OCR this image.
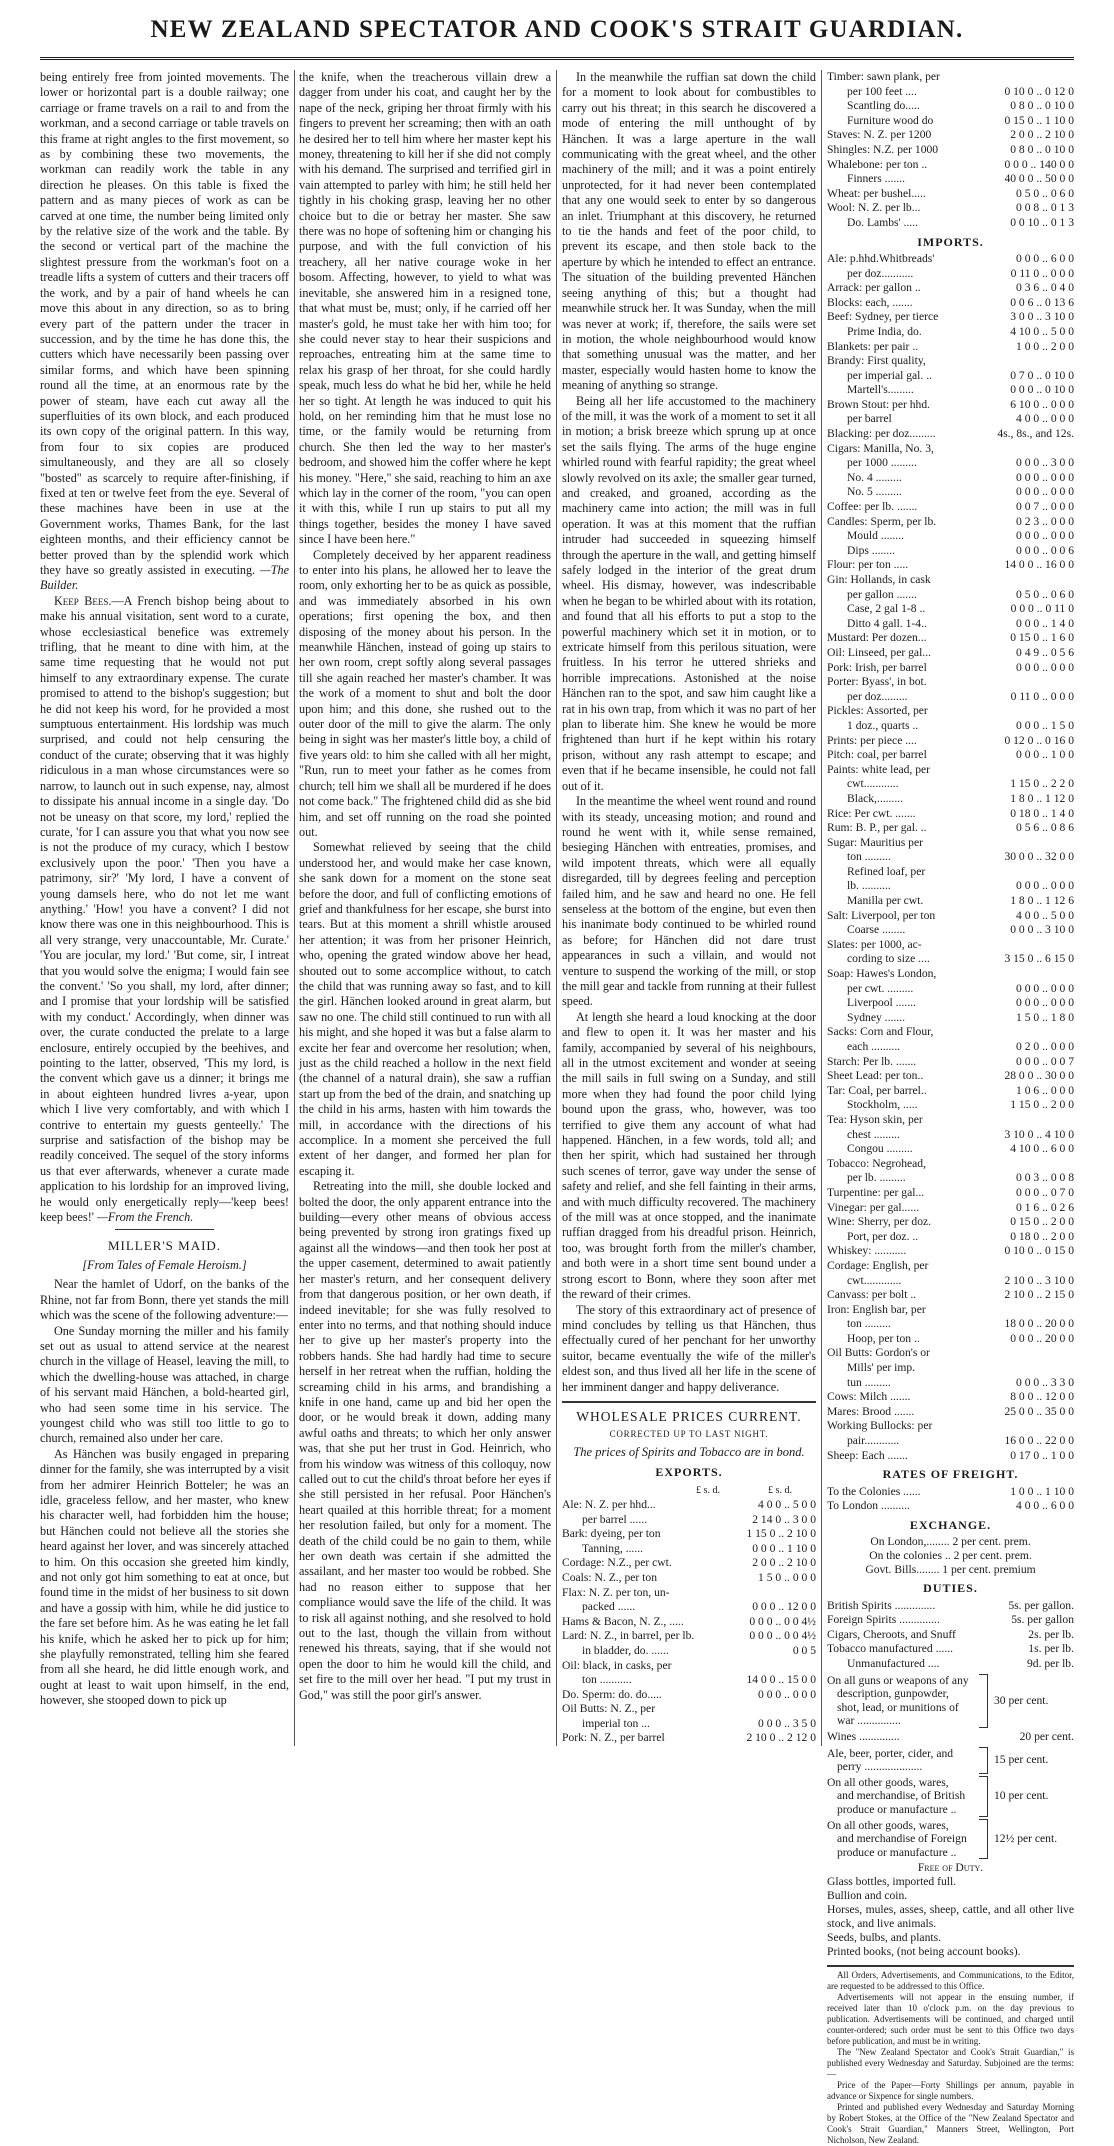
NEW ZEALAND SPECTATOR AND COOK'S STRAIT GUARDIAN.

being entirely free from jointed movements. The lower or horizontal part is a double railway; one carriage or frame travels on a rail to and from the workman, and a second carriage or table travels on this frame at right angles to the first movement, so as by combining these two movements, the workman can readily work the table in any direction he pleases. On this table is fixed the pattern and as many pieces of work as can be carved at one time, the number being limited only by the relative size of the work and the table. By the second or vertical part of the machine the slightest pressure from the workman's foot on a treadle lifts a system of cutters and their tracers off the work, and by a pair of hand wheels he can move this about in any direction, so as to bring every part of the pattern under the tracer in succession, and by the time he has done this, the cutters which have necessarily been passing over similar forms, and which have been spinning round all the time, at an enormous rate by the power of steam, have each cut away all the superfluities of its own block, and each produced its own copy of the original pattern. In this way, from four to six copies are produced simultaneously, and they are all so closely "bosted" as scarcely to require after-finishing, if fixed at ten or twelve feet from the eye. Several of these machines have been in use at the Government works, Thames Bank, for the last eighteen months, and their efficiency cannot be better proved than by the splendid work which they have so greatly assisted in executing. —The Builder.

Keep Bees.—A French bishop being about to make his annual visitation, sent word to a curate, whose ecclesiastical benefice was extremely trifling, that he meant to dine with him, at the same time requesting that he would not put himself to any extraordinary expense. The curate promised to attend to the bishop's suggestion; but he did not keep his word, for he provided a most sumptuous entertainment. His lordship was much surprised, and could not help censuring the conduct of the curate; observing that it was highly ridiculous in a man whose circumstances were so narrow, to launch out in such expense, nay, almost to dissipate his annual income in a single day. 'Do not be uneasy on that score, my lord,' replied the curate, 'for I can assure you that what you now see is not the produce of my curacy, which I bestow exclusively upon the poor.' 'Then you have a patrimony, sir?' 'My lord, I have a convent of young damsels here, who do not let me want anything.' 'How! you have a convent? I did not know there was one in this neighbourhood. This is all very strange, very unaccountable, Mr. Curate.' 'You are jocular, my lord.' 'But come, sir, I intreat that you would solve the enigma; I would fain see the convent.' 'So you shall, my lord, after dinner; and I promise that your lordship will be satisfied with my conduct.' Accordingly, when dinner was over, the curate conducted the prelate to a large enclosure, entirely occupied by the beehives, and pointing to the latter, observed, 'This my lord, is the convent which gave us a dinner; it brings me in about eighteen hundred livres a-year, upon which I live very comfortably, and with which I contrive to entertain my guests genteelly.' The surprise and satisfaction of the bishop may be readily conceived. The sequel of the story informs us that ever afterwards, whenever a curate made application to his lordship for an improved living, he would only energetically reply—'keep bees! keep bees!' —From the French.

MILLER'S MAID.
[From Tales of Female Heroism.]

Near the hamlet of Udorf, on the banks of the Rhine, not far from Bonn, there yet stands the mill which was the scene of the following adventure:—

One Sunday morning the miller and his family set out as usual to attend service at the nearest church in the village of Heasel, leaving the mill, to which the dwelling-house was attached, in charge of his servant maid Hänchen, a bold-hearted girl, who had seen some time in his service. The youngest child who was still too little to go to church, remained also under her care.

As Hänchen was busily engaged in preparing dinner for the family, she was interrupted by a visit from her admirer Heinrich Botteler; he was an idle, graceless fellow, and her master, who knew his character well, had forbidden him the house; but Hänchen could not believe all the stories she heard against her lover, and was sincerely attached to him. On this occasion she greeted him kindly, and not only got him something to eat at once, but found time in the midst of her business to sit down and have a gossip with him, while he did justice to the fare set before him. As he was eating he let fall his knife, which he asked her to pick up for him; she playfully remonstrated, telling him she feared from all she heard, he did little enough work, and ought at least to wait upon himself, in the end, however, she stooped down to pick up

the knife, when the treacherous villain drew a dagger from under his coat, and caught her by the nape of the neck, griping her throat firmly with his fingers to prevent her screaming; then with an oath he desired her to tell him where her master kept his money, threatening to kill her if she did not comply with his demand. The surprised and terrified girl in vain attempted to parley with him; he still held her tightly in his choking grasp, leaving her no other choice but to die or betray her master. She saw there was no hope of softening him or changing his purpose, and with the full conviction of his treachery, all her native courage woke in her bosom. Affecting, however, to yield to what was inevitable, she answered him in a resigned tone, that what must be, must; only, if he carried off her master's gold, he must take her with him too; for she could never stay to hear their suspicions and reproaches, entreating him at the same time to relax his grasp of her throat, for she could hardly speak, much less do what he bid her, while he held her so tight. At length he was induced to quit his hold, on her reminding him that he must lose no time, or the family would be returning from church. She then led the way to her master's bedroom, and showed him the coffer where he kept his money. "Here," she said, reaching to him an axe which lay in the corner of the room, "you can open it with this, while I run up stairs to put all my things together, besides the money I have saved since I have been here."

Completely deceived by her apparent readiness to enter into his plans, he allowed her to leave the room, only exhorting her to be as quick as possible, and was immediately absorbed in his own operations; first opening the box, and then disposing of the money about his person. In the meanwhile Hänchen, instead of going up stairs to her own room, crept softly along several passages till she again reached her master's chamber. It was the work of a moment to shut and bolt the door upon him; and this done, she rushed out to the outer door of the mill to give the alarm. The only being in sight was her master's little boy, a child of five years old: to him she called with all her might, "Run, run to meet your father as he comes from church; tell him we shall all be murdered if he does not come back." The frightened child did as she bid him, and set off running on the road she pointed out.

Somewhat relieved by seeing that the child understood her, and would make her case known, she sank down for a moment on the stone seat before the door, and full of conflicting emotions of grief and thankfulness for her escape, she burst into tears. But at this moment a shrill whistle aroused her attention; it was from her prisoner Heinrich, who, opening the grated window above her head, shouted out to some accomplice without, to catch the child that was running away so fast, and to kill the girl. Hänchen looked around in great alarm, but saw no one. The child still continued to run with all his might, and she hoped it was but a false alarm to excite her fear and overcome her resolution; when, just as the child reached a hollow in the next field (the channel of a natural drain), she saw a ruffian start up from the bed of the drain, and snatching up the child in his arms, hasten with him towards the mill, in accordance with the directions of his accomplice. In a moment she perceived the full extent of her danger, and formed her plan for escaping it.

Retreating into the mill, she double locked and bolted the door, the only apparent entrance into the building—every other means of obvious access being prevented by strong iron gratings fixed up against all the windows—and then took her post at the upper casement, determined to await patiently her master's return, and her consequent delivery from that dangerous position, or her own death, if indeed inevitable; for she was fully resolved to enter into no terms, and that nothing should induce her to give up her master's property into the robbers hands. She had hardly had time to secure herself in her retreat when the ruffian, holding the screaming child in his arms, and brandishing a knife in one hand, came up and bid her open the door, or he would break it down, adding many awful oaths and threats; to which her only answer was, that she put her trust in God. Heinrich, who from his window was witness of this colloquy, now called out to cut the child's throat before her eyes if she still persisted in her refusal. Poor Hänchen's heart quailed at this horrible threat; for a moment her resolution failed, but only for a moment. The death of the child could be no gain to them, while her own death was certain if she admitted the assailant, and her master too would be robbed. She had no reason either to suppose that her compliance would save the life of the child. It was to risk all against nothing, and she resolved to hold out to the last, though the villain from without renewed his threats, saying, that if she would not open the door to him he would kill the child, and set fire to the mill over her head. "I put my trust in God," was still the poor girl's answer.

In the meanwhile the ruffian sat down the child for a moment to look about for combustibles to carry out his threat; in this search he discovered a mode of entering the mill unthought of by Hänchen. It was a large aperture in the wall communicating with the great wheel, and the other machinery of the mill; and it was a point entirely unprotected, for it had never been contemplated that any one would seek to enter by so dangerous an inlet. Triumphant at this discovery, he returned to tie the hands and feet of the poor child, to prevent its escape, and then stole back to the aperture by which he intended to effect an entrance. The situation of the building prevented Hänchen seeing anything of this; but a thought had meanwhile struck her. It was Sunday, when the mill was never at work; if, therefore, the sails were set in motion, the whole neighbourhood would know that something unusual was the matter, and her master, especially would hasten home to know the meaning of anything so strange.

Being all her life accustomed to the machinery of the mill, it was the work of a moment to set it all in motion; a brisk breeze which sprung up at once set the sails flying. The arms of the huge engine whirled round with fearful rapidity; the great wheel slowly revolved on its axle; the smaller gear turned, and creaked, and groaned, according as the machinery came into action; the mill was in full operation. It was at this moment that the ruffian intruder had succeeded in squeezing himself through the aperture in the wall, and getting himself safely lodged in the interior of the great drum wheel. His dismay, however, was indescribable when he began to be whirled about with its rotation, and found that all his efforts to put a stop to the powerful machinery which set it in motion, or to extricate himself from this perilous situation, were fruitless. In his terror he uttered shrieks and horrible imprecations. Astonished at the noise Hänchen ran to the spot, and saw him caught like a rat in his own trap, from which it was no part of her plan to liberate him. She knew he would be more frightened than hurt if he kept within his rotary prison, without any rash attempt to escape; and even that if he became insensible, he could not fall out of it.

In the meantime the wheel went round and round with its steady, unceasing motion; and round and round he went with it, while sense remained, besieging Hänchen with entreaties, promises, and wild impotent threats, which were all equally disregarded, till by degrees feeling and perception failed him, and he saw and heard no one. He fell senseless at the bottom of the engine, but even then his inanimate body continued to be whirled round as before; for Hänchen did not dare trust appearances in such a villain, and would not venture to suspend the working of the mill, or stop the mill gear and tackle from running at their fullest speed.

At length she heard a loud knocking at the door and flew to open it. It was her master and his family, accompanied by several of his neighbours, all in the utmost excitement and wonder at seeing the mill sails in full swing on a Sunday, and still more when they had found the poor child lying bound upon the grass, who, however, was too terrified to give them any account of what had happened. Hänchen, in a few words, told all; and then her spirit, which had sustained her through such scenes of terror, gave way under the sense of safety and relief, and she fell fainting in their arms, and with much difficulty recovered. The machinery of the mill was at once stopped, and the inanimate ruffian dragged from his dreadful prison. Heinrich, too, was brought forth from the miller's chamber, and both were in a short time sent bound under a strong escort to Bonn, where they soon after met the reward of their crimes.

The story of this extraordinary act of presence of mind concludes by telling us that Hänchen, thus effectually cured of her penchant for her unworthy suitor, became eventually the wife of the miller's eldest son, and thus lived all her life in the scene of her imminent danger and happy deliverance.

WHOLESALE PRICES CURRENT.
CORRECTED UP TO LAST NIGHT.
The prices of Spirits and Tobacco are in bond.
EXPORTS.
£ s. d.	£ s. d.
Ale: N. Z. per hhd...	4 0 0 .. 5 0 0
per barrel ......	2 14 0 .. 3 0 0
Bark: dyeing, per ton	1 15 0 .. 2 10 0
Tanning, ......	0 0 0 .. 1 10 0
Cordage: N.Z., per cwt.	2 0 0 .. 2 10 0
Coals: N. Z., per ton	1 5 0 .. 0 0 0
Flax: N. Z. per ton, un-
packed ......	0 0 0 .. 12 0 0
Hams & Bacon, N. Z., .....	0 0 0 .. 0 0 4½
Lard: N. Z., in barrel, per lb.	0 0 0 .. 0 0 4½
in bladder, do. ......	0 0 5
Oil: black, in casks, per
ton ...........	14 0 0 .. 15 0 0
Do. Sperm: do. do.....	0 0 0 .. 0 0 0
Oil Butts: N. Z., per
imperial ton ...	0 0 0 .. 3 5 0
Pork: N. Z., per barrel	2 10 0 .. 2 12 0
Timber: sawn plank, per
per 100 feet ....	0 10 0 .. 0 12 0
Scantling do.....	0 8 0 .. 0 10 0
Furniture wood do	0 15 0 .. 1 10 0
Staves: N. Z. per 1200	2 0 0 .. 2 10 0
Shingles: N.Z. per 1000	0 8 0 .. 0 10 0
Whalebone: per ton ..	0 0 0 .. 140 0 0
Finners .......	40 0 0 .. 50 0 0
Wheat: per bushel.....	0 5 0 .. 0 6 0
Wool: N. Z. per lb...	0 0 8 .. 0 1 3
Do. Lambs' .....	0 0 10 .. 0 1 3
IMPORTS.
Ale: p.hhd.Whitbreads'	0 0 0 .. 6 0 0
per doz...........	0 11 0 .. 0 0 0
Arrack: per gallon ..	0 3 6 .. 0 4 0
Blocks: each, .......	0 0 6 .. 0 13 6
Beef: Sydney, per tierce	3 0 0 .. 3 10 0
Prime India, do.	4 10 0 .. 5 0 0
Blankets: per pair ..	1 0 0 .. 2 0 0
Brandy: First quality,
per imperial gal. ..	0 7 0 .. 0 10 0
Martell's.........	0 0 0 .. 0 10 0
Brown Stout: per hhd.	6 10 0 .. 0 0 0
per barrel	4 0 0 .. 0 0 0
Blacking: per doz.........	4s., 8s., and 12s.
Cigars: Manilla, No. 3,
per 1000 .........	0 0 0 .. 3 0 0
No. 4 .........	0 0 0 .. 0 0 0
No. 5 .........	0 0 0 .. 0 0 0
Coffee: per lb. .......	0 0 7 .. 0 0 0
Candles: Sperm, per lb.	0 2 3 .. 0 0 0
Mould ........	0 0 0 .. 0 0 0
Dips ........	0 0 0 .. 0 0 6
Flour: per ton .....	14 0 0 .. 16 0 0
Gin: Hollands, in cask
per gallon .......	0 5 0 .. 0 6 0
Case, 2 gal 1-8 ..	0 0 0 .. 0 11 0
Ditto 4 gall. 1-4..	0 0 0 .. 1 4 0
Mustard: Per dozen...	0 15 0 .. 1 6 0
Oil: Linseed, per gal...	0 4 9 .. 0 5 6
Pork: Irish, per barrel	0 0 0 .. 0 0 0
Porter: Byass', in bot.
per doz.........	0 11 0 .. 0 0 0
Pickles: Assorted, per
1 doz., quarts ..	0 0 0 .. 1 5 0
Prints: per piece ....	0 12 0 .. 0 16 0
Pitch: coal, per barrel	0 0 0 .. 1 0 0
Paints: white lead, per
cwt............	1 15 0 .. 2 2 0
Black,.........	1 8 0 .. 1 12 0
Rice: Per cwt. .......	0 18 0 .. 1 4 0
Rum: B. P., per gal. ..	0 5 6 .. 0 8 6
Sugar: Mauritius per
ton .........	30 0 0 .. 32 0 0
Refined loaf, per
lb. ..........	0 0 0 .. 0 0 0
Manilla per cwt.	1 8 0 .. 1 12 6
Salt: Liverpool, per ton	4 0 0 .. 5 0 0
Coarse ........	0 0 0 .. 3 10 0
Slates: per 1000, ac-
cording to size ....	3 15 0 .. 6 15 0
Soap: Hawes's London,
per cwt. .........	0 0 0 .. 0 0 0
Liverpool .......	0 0 0 .. 0 0 0
Sydney .......	1 5 0 .. 1 8 0
Sacks: Corn and Flour,
each ..........	0 2 0 .. 0 0 0
Starch: Per lb. .......	0 0 0 .. 0 0 7
Sheet Lead: per ton..	28 0 0 .. 30 0 0
Tar: Coal, per barrel..	1 0 6 .. 0 0 0
Stockholm, .....	1 15 0 .. 2 0 0
Tea: Hyson skin, per
chest .........	3 10 0 .. 4 10 0
Congou .........	4 10 0 .. 6 0 0
Tobacco: Negrohead,
per lb. .........	0 0 3 .. 0 0 8
Turpentine: per gal...	0 0 0 .. 0 7 0
Vinegar: per gal......	0 1 6 .. 0 2 6
Wine: Sherry, per doz.	0 15 0 .. 2 0 0
Port, per doz. ..	0 18 0 .. 2 0 0
Whiskey: ...........	0 10 0 .. 0 15 0
Cordage: English, per
cwt.............	2 10 0 .. 3 10 0
Canvass: per bolt ..	2 10 0 .. 2 15 0
Iron: English bar, per
ton .........	18 0 0 .. 20 0 0
Hoop, per ton ..	0 0 0 .. 20 0 0
Oil Butts: Gordon's or
Mills' per imp.
tun .........	0 0 0 .. 3 3 0
Cows: Milch .......	8 0 0 .. 12 0 0
Mares: Brood .......	25 0 0 .. 35 0 0
Working Bullocks: per
pair............	16 0 0 .. 22 0 0
Sheep: Each .......	0 17 0 .. 1 0 0
RATES OF FREIGHT.
To the Colonies ......	1 0 0 .. 1 10 0
To London ..........	4 0 0 .. 6 0 0
EXCHANGE.
On London,........ 2 per cent. prem.
On the colonies .. 2 per cent. prem.
Govt. Bills........ 1 per cent. premium
DUTIES.
British Spirits ..............	5s. per gallon.
Foreign Spirits ..............	5s. per gallon
Cigars, Cheroots, and Snuff	2s. per lb.
Tobacco manufactured ......	1s. per lb.
Unmanufactured ....	9d. per lb.
On all guns or weapons of any
description, gunpowder,
shot, lead, or munitions of
war ...............
30 per cent.
Wines ..............	20 per cent.
Ale, beer, porter, cider, and
perry ....................
15 per cent.
On all other goods, wares,
and merchandise, of British
produce or manufacture ..
10 per cent.
On all other goods, wares,
and merchandise of Foreign
produce or manufacture ..
12½ per cent.
Free of Duty.
Glass bottles, imported full.
Bullion and coin.
Horses, mules, asses, sheep, cattle, and all other live stock, and live animals.
Seeds, bulbs, and plants.
Printed books, (not being account books).

All Orders, Advertisements, and Communications, to the Editor, are requested to be addressed to this Office.

Advertisements will not appear in the ensuing number, if received later than 10 o'clock p.m. on the day previous to publication. Advertisements will be continued, and charged until counter-ordered; such order must be sent to this Office two days before publication, and must be in writing.

The "New Zealand Spectator and Cook's Strait Guardian," is published every Wednesday and Saturday. Subjoined are the terms:—

Price of the Paper—Forty Shillings per annum, payable in advance or Sixpence for single numbers.

Printed and published every Wednesday and Saturday Morning by Robert Stokes, at the Office of the "New Zealand Spectator and Cook's Strait Guardian," Manners Street, Wellington, Port Nicholson, New Zealand.
